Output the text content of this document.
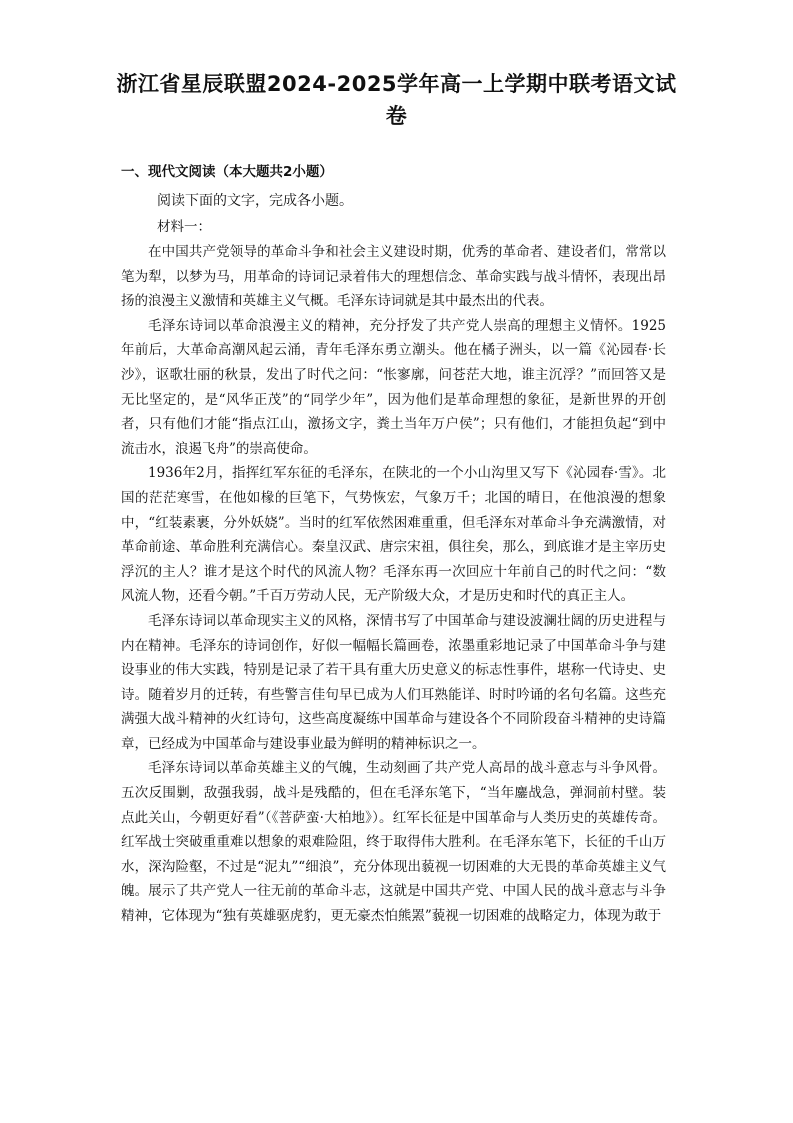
浙江省星辰联盟2024-2025学年高一上学期中联考语文试卷
一、现代文阅读（本大题共2小题）
阅读下面的文字，完成各小题。
材料一：

在中国共产党领导的革命斗争和社会主义建设时期，优秀的革命者、建设者们，常常以笔为犁，以梦为马，用革命的诗词记录着伟大的理想信念、革命实践与战斗情怀，表现出昂扬的浪漫主义激情和英雄主义气概。毛泽东诗词就是其中最杰出的代表。

毛泽东诗词以革命浪漫主义的精神，充分抒发了共产党人崇高的理想主义情怀。1925年前后，大革命高潮风起云涌，青年毛泽东勇立潮头。他在橘子洲头，以一篇《沁园春·长沙》，讴歌壮丽的秋景，发出了时代之问：“怅寥廓，问苍茫大地，谁主沉浮？”而回答又是无比坚定的，是“风华正茂”的“同学少年”，因为他们是革命理想的象征，是新世界的开创者，只有他们才能“指点江山，激扬文字，粪土当年万户侯”；只有他们，才能担负起“到中流击水，浪遏飞舟”的崇高使命。

1936年2月，指挥红军东征的毛泽东，在陕北的一个小山沟里又写下《沁园春·雪》。北国的茫茫寒雪，在他如椽的巨笔下，气势恢宏，气象万千；北国的晴日，在他浪漫的想象中，“红装素裹，分外妖娆”。当时的红军依然困难重重，但毛泽东对革命斗争充满激情，对革命前途、革命胜利充满信心。秦皇汉武、唐宗宋祖，俱往矣，那么，到底谁才是主宰历史浮沉的主人？谁才是这个时代的风流人物？毛泽东再一次回应十年前自己的时代之问：“数风流人物，还看今朝。”千百万劳动人民，无产阶级大众，才是历史和时代的真正主人。

毛泽东诗词以革命现实主义的风格，深情书写了中国革命与建设波澜壮阔的历史进程与内在精神。毛泽东的诗词创作，好似一幅幅长篇画卷，浓墨重彩地记录了中国革命斗争与建设事业的伟大实践，特别是记录了若干具有重大历史意义的标志性事件，堪称一代诗史、史诗。随着岁月的迁转，有些警言佳句早已成为人们耳熟能详、时时吟诵的名句名篇。这些充满强大战斗精神的火红诗句，这些高度凝练中国革命与建设各个不同阶段奋斗精神的史诗篇章，已经成为中国革命与建设事业最为鲜明的精神标识之一。

毛泽东诗词以革命英雄主义的气魄，生动刻画了共产党人高昂的战斗意志与斗争风骨。五次反围剿，敌强我弱，战斗是残酷的，但在毛泽东笔下，“当年鏖战急，弹洞前村壁。装点此关山，今朝更好看”（《菩萨蛮·大柏地》）。红军长征是中国革命与人类历史的英雄传奇。红军战士突破重重难以想象的艰难险阻，终于取得伟大胜利。在毛泽东笔下，长征的千山万水，深沟险壑，不过是“泥丸”“细浪”，充分体现出藐视一切困难的大无畏的革命英雄主义气魄。展示了共产党人一往无前的革命斗志，这就是中国共产党、中国人民的战斗意志与斗争精神，它体现为“独有英雄驱虎豹，更无豪杰怕熊罴”藐视一切困难的战略定力，体现为敢于
